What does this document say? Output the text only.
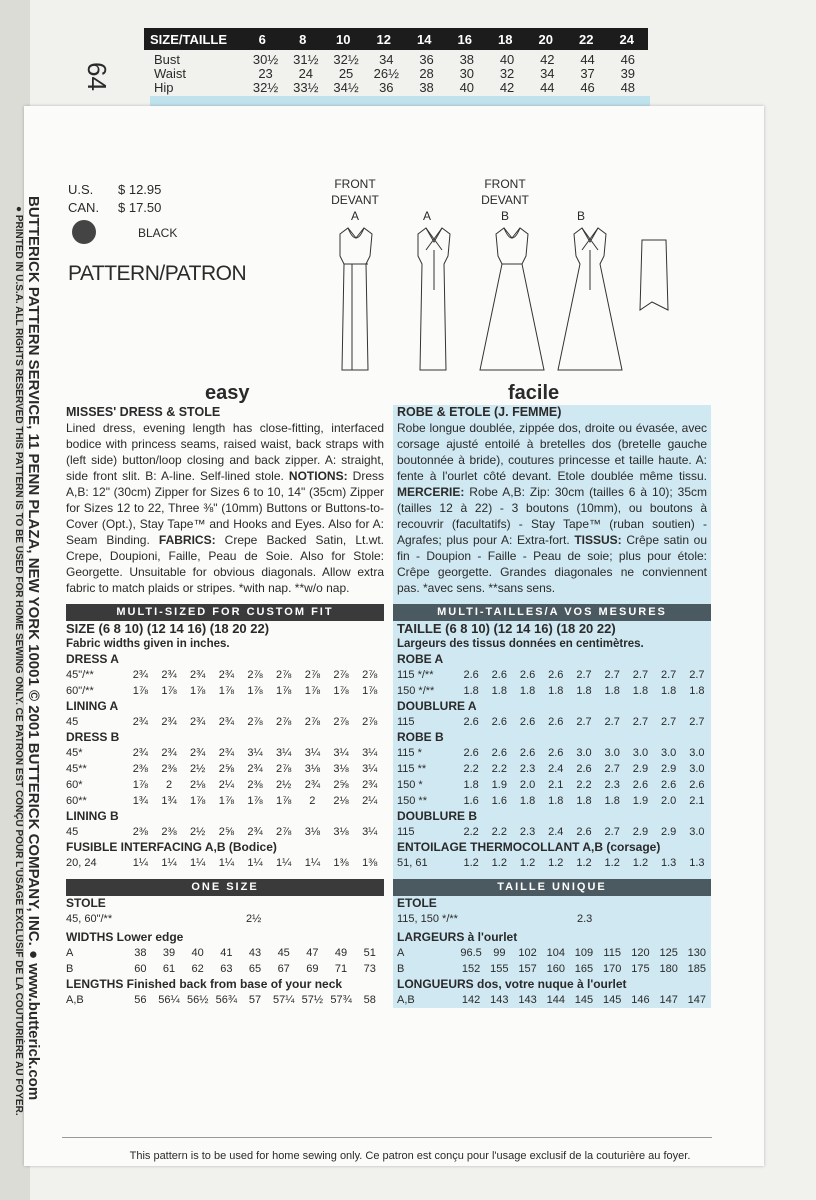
SIZE/TAILLE	6	8	10	12	14	16	18	20	22	24
Bust	30½	31½	32½	34	36	38	40	42	44	46
Waist	23	24	25	26½	28	30	32	34	37	39
Hip	32½	33½	34½	36	38	40	42	44	46	48
64
BUTTERICK PATTERN SERVICE, 11 PENN PLAZA, NEW YORK 10001 © 2001 BUTTERICK COMPANY, INC. ● www.butterick.com
● PRINTED IN U.S.A. ALL RIGHTS RESERVED THIS PATTERN IS TO BE USED FOR HOME SEWING ONLY. CE PATRON EST CONÇU POUR L'USAGE EXCLUSIF DE LA COUTURIÈRE AU FOYER.
U.S. $ 12.95
CAN. $ 17.50
BLACK
PATTERN/PATRON
FRONT
DEVANT
A	A
FRONT
DEVANT
B	B
easy	facile
MISSES' DRESS & STOLE
Lined dress, evening length has close-fitting, interfaced bodice with princess seams, raised waist, back straps with (left side) button/loop closing and back zipper. A: straight, side front slit. B: A-line. Self-lined stole. NOTIONS: Dress A,B: 12" (30cm) Zipper for Sizes 6 to 10, 14" (35cm) Zipper for Sizes 12 to 22, Three ⅜" (10mm) Buttons or Buttons-to-Cover (Opt.), Stay Tape™ and Hooks and Eyes. Also for A: Seam Binding. FABRICS: Crepe Backed Satin, Lt.wt. Crepe, Doupioni, Faille, Peau de Soie. Also for Stole: Georgette. Unsuitable for obvious diagonals. Allow extra fabric to match plaids or stripes. *with nap. **w/o nap.
MULTI-SIZED FOR CUSTOM FIT
SIZE (6 8 10) (12 14 16) (18 20 22)
Fabric widths given in inches.
DRESS A
45"/**	2¾	2¾	2¾	2¾	2⅞	2⅞	2⅞	2⅞	2⅞
60"/**	1⅞	1⅞	1⅞	1⅞	1⅞	1⅞	1⅞	1⅞	1⅞
LINING A
45	2¾	2¾	2¾	2¾	2⅞	2⅞	2⅞	2⅞	2⅞
DRESS B
45*	2¾	2¾	2¾	2¾	3¼	3¼	3¼	3¼	3¼
45**	2⅜	2⅜	2½	2⅝	2¾	2⅞	3⅛	3⅛	3¼
60*	1⅞	2	2⅛	2¼	2⅜	2½	2¾	2⅝	2¾
60**	1¾	1¾	1⅞	1⅞	1⅞	1⅞	2	2⅛	2¼
LINING B
45	2⅜	2⅜	2½	2⅝	2¾	2⅞	3⅛	3⅛	3¼
FUSIBLE INTERFACING A,B (Bodice)
20, 24	1¼	1¼	1¼	1¼	1¼	1¼	1¼	1⅜	1⅜
ONE SIZE
STOLE
45, 60"/**	2½
WIDTHS Lower edge
A	38	39	40	41	43	45	47	49	51
B	60	61	62	63	65	67	69	71	73
LENGTHS Finished back from base of your neck
A,B	56	56¼ 56½ 56¾	57	57¼ 57½ 57¾	58
ROBE & ETOLE (J. FEMME)
Robe longue doublée, zippée dos, droite ou évasée, avec corsage ajusté entoilé à bretelles dos (bretelle gauche boutonnée à bride), coutures princesse et taille haute. A: fente à l'ourlet côté devant. Etole doublée même tissu. MERCERIE: Robe A,B: Zip: 30cm (tailles 6 à 10); 35cm (tailles 12 à 22) - 3 boutons (10mm), ou boutons à recouvrir (facultatifs) - Stay Tape™ (ruban soutien) - Agrafes; plus pour A: Extra-fort. TISSUS: Crêpe satin ou fin - Doupion - Faille - Peau de soie; plus pour étole: Crêpe georgette. Grandes diagonales ne conviennent pas. *avec sens. **sans sens.
MULTI-TAILLES/A VOS MESURES
TAILLE (6 8 10) (12 14 16) (18 20 22)
Largeurs des tissus données en centimètres.
ROBE A
115 */**	2.6	2.6	2.6	2.6	2.7	2.7	2.7	2.7	2.7
150 */**	1.8	1.8	1.8	1.8	1.8	1.8	1.8	1.8	1.8
DOUBLURE A
115	2.6	2.6	2.6	2.6	2.7	2.7	2.7	2.7	2.7
ROBE B
115 *	2.6	2.6	2.6	2.6	3.0	3.0	3.0	3.0	3.0
115 **	2.2	2.2	2.3	2.4	2.6	2.7	2.9	2.9	3.0
150 *	1.8	1.9	2.0	2.1	2.2	2.3	2.6	2.6	2.6
150 **	1.6	1.6	1.8	1.8	1.8	1.8	1.9	2.0	2.1
DOUBLURE B
115	2.2	2.2	2.3	2.4	2.6	2.7	2.9	2.9	3.0
ENTOILAGE THERMOCOLLANT A,B (corsage)
51, 61	1.2	1.2	1.2	1.2	1.2	1.2	1.2	1.3	1.3
TAILLE UNIQUE
ETOLE
115, 150 */**	2.3
LARGEURS à l'ourlet
A	96.5	99	102 104 109 115 120 125 130
B	152 155 157 160 165 170 175 180 185
LONGUEURS dos, votre nuque à l'ourlet
A,B	142 143 143 144 145 145 146 147 147
This pattern is to be used for home sewing only. Ce patron est conçu pour l'usage exclusif de la couturière au foyer.
